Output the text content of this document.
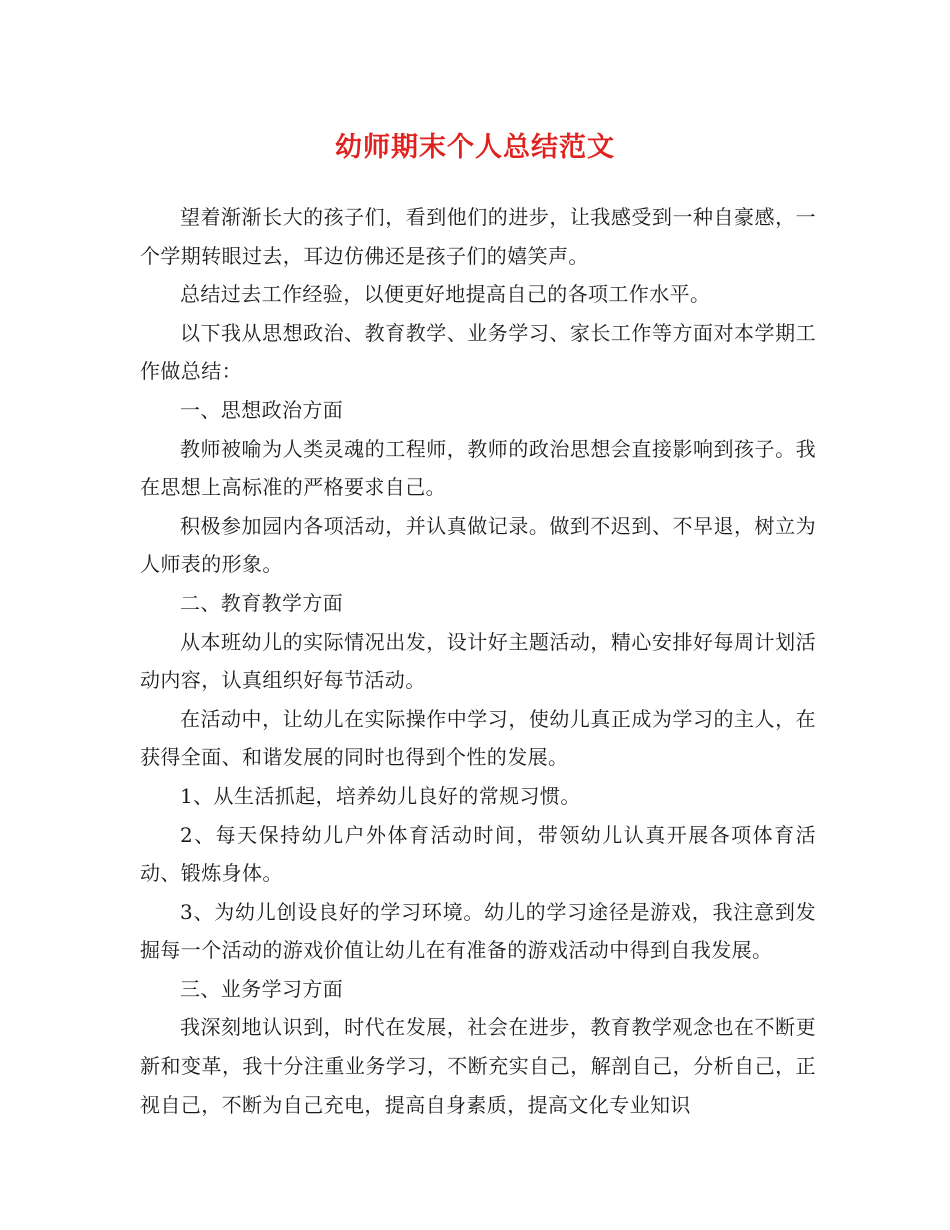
幼师期末个人总结范文

望着渐渐长大的孩子们，看到他们的进步，让我感受到一种自豪感，一个学期转眼过去，耳边仿佛还是孩子们的嬉笑声。

总结过去工作经验，以便更好地提高自己的各项工作水平。

以下我从思想政治、教育教学、业务学习、家长工作等方面对本学期工作做总结：

一、思想政治方面

教师被喻为人类灵魂的工程师，教师的政治思想会直接影响到孩子。我在思想上高标准的严格要求自己。

积极参加园内各项活动，并认真做记录。做到不迟到、不早退，树立为人师表的形象。

二、教育教学方面

从本班幼儿的实际情况出发，设计好主题活动，精心安排好每周计划活动内容，认真组织好每节活动。

在活动中，让幼儿在实际操作中学习，使幼儿真正成为学习的主人，在获得全面、和谐发展的同时也得到个性的发展。

1、从生活抓起，培养幼儿良好的常规习惯。

2、每天保持幼儿户外体育活动时间，带领幼儿认真开展各项体育活动、锻炼身体。

3、为幼儿创设良好的学习环境。幼儿的学习途径是游戏，我注意到发掘每一个活动的游戏价值让幼儿在有准备的游戏活动中得到自我发展。

三、业务学习方面

我深刻地认识到，时代在发展，社会在进步，教育教学观念也在不断更新和变革，我十分注重业务学习，不断充实自己，解剖自己，分析自己，正视自己，不断为自己充电，提高自身素质，提高文化专业知识
